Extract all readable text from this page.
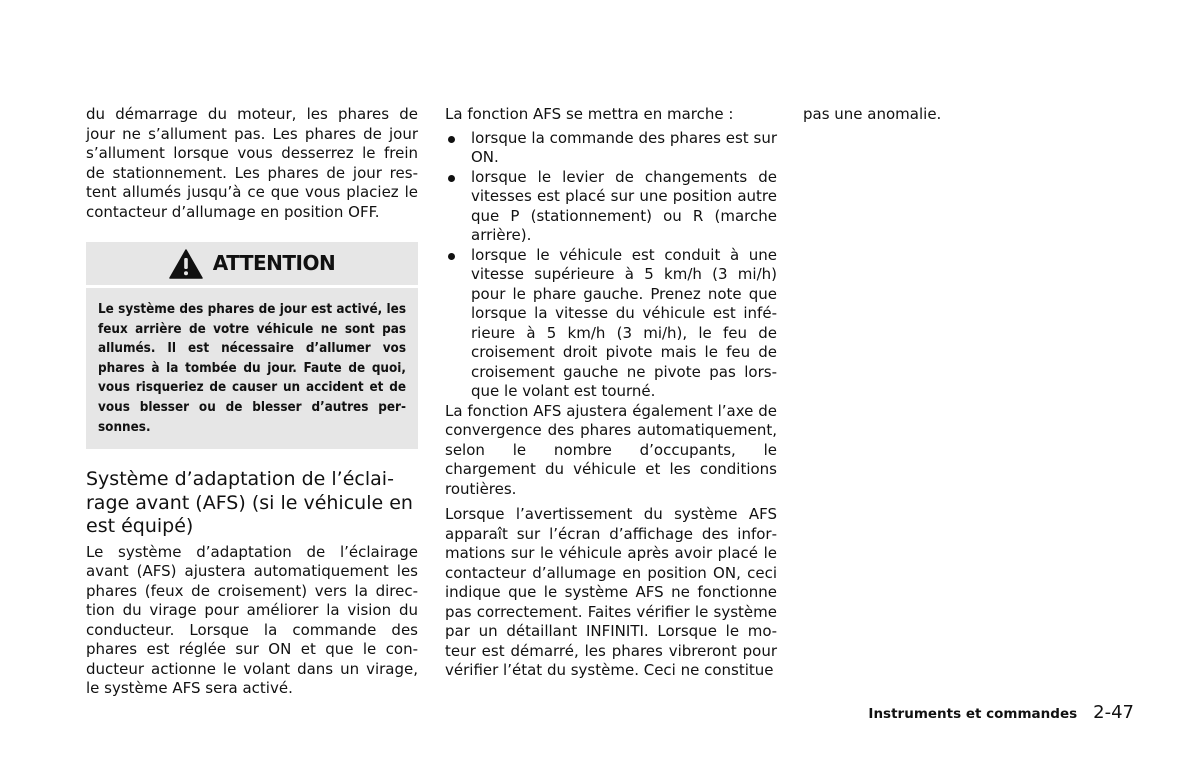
du démarrage du moteur, les phares de jour ne s’allument pas. Les phares de jour s’allument lorsque vous desserrez le frein de stationnement. Les phares de jour restent allumés jusqu’à ce que vous placiez le contacteur d’allumage en position OFF.

ATTENTION
Le système des phares de jour est activé, les feux arrière de votre véhicule ne sont pas allumés. Il est nécessaire d’allumer vos phares à la tombée du jour. Faute de quoi, vous risqueriez de causer un accident et de vous blesser ou de blesser d’autres personnes.
Système d’adaptation de l’éclairage avant (AFS) (si le véhicule en est équipé)

Le système d’adaptation de l’éclairage avant (AFS) ajustera automatiquement les phares (feux de croisement) vers la direction du virage pour améliorer la vision du conducteur. Lorsque la commande des phares est réglée sur ON et que le conducteur actionne le volant dans un virage, le système AFS sera activé.

La fonction AFS se mettra en marche :

lorsque la commande des phares est sur ON.
lorsque le levier de changements de vitesses est placé sur une position autre que P (stationnement) ou R (marche arrière).
lorsque le véhicule est conduit à une vitesse supérieure à 5 km/h (3 mi/h) pour le phare gauche. Prenez note que lorsque la vitesse du véhicule est inférieure à 5 km/h (3 mi/h), le feu de croisement droit pivote mais le feu de croisement gauche ne pivote pas lorsque le volant est tourné.

La fonction AFS ajustera également l’axe de convergence des phares automatiquement, selon le nombre d’occupants, le chargement du véhicule et les conditions routières.

Lorsque l’avertissement du système AFS apparaît sur l’écran d’affichage des informations sur le véhicule après avoir placé le contacteur d’allumage en position ON, ceci indique que le système AFS ne fonctionne pas correctement. Faites vérifier le système par un détaillant INFINITI. Lorsque le moteur est démarré, les phares vibreront pour vérifier l’état du système. Ceci ne constitue

pas une anomalie.

Instruments et commandes 2-47
